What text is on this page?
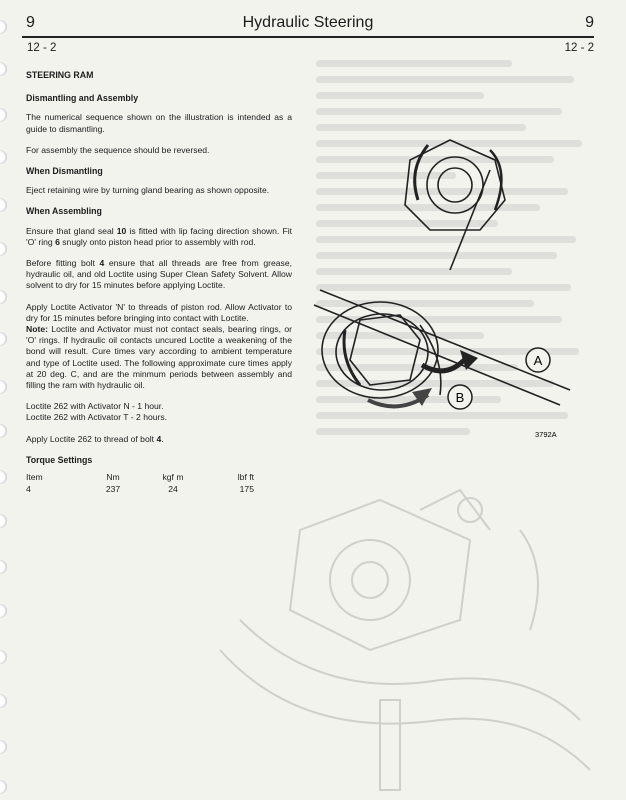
9	Hydraulic Steering	9
12 - 2	12 - 2
A
B
3792A
STEERING RAM
Dismantling and Assembly

The numerical sequence shown on the illustration is intended as a guide to dismantling.

For assembly the sequence should be reversed.

When Dismantling

Eject retaining wire by turning gland bearing as shown opposite.

When Assembling

Ensure that gland seal 10 is fitted with lip facing direction shown. Fit 'O' ring 6 snugly onto piston head prior to assembly with rod.

Before fitting bolt 4 ensure that all threads are free from grease, hydraulic oil, and old Loctite using Super Clean Safety Solvent. Allow solvent to dry for 15 minutes before applying Loctite.

Apply Loctite Activator 'N' to threads of piston rod. Allow Activator to dry for 15 minutes before bringing into contact with Loctite.

Note: Loctite and Activator must not contact seals, bearing rings, or 'O' rings. If hydraulic oil contacts uncured Loctite a weakening of the bond will result. Cure times vary according to ambient temperature and type of Loctite used. The following approximate cure times apply at 20 deg. C, and are the minmum periods between assembly and filling the ram with hydraulic oil.

Loctite 262 with Activator N - 1 hour.
Loctite 262 with Activator T - 2 hours.

Apply Loctite 262 to thread of bolt 4.

Torque Settings
Item	Nm	kgf m	lbf ft
4	237	24	175
